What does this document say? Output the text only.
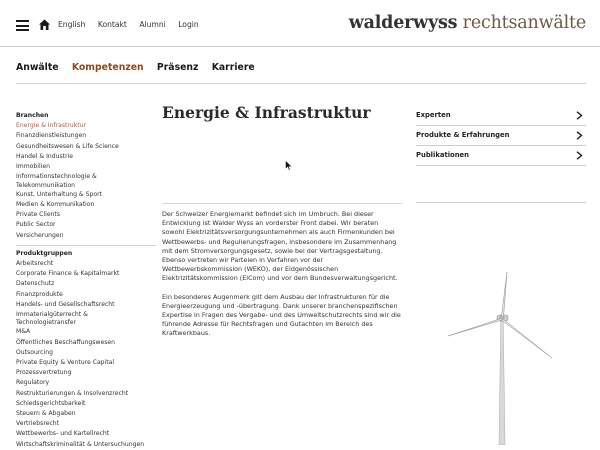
English Kontakt Alumni Login	walderwyss rechtsanwälte
Anwälte Kompetenzen Präsenz Karriere
Branchen
Energie & Infrastruktur
Finanzdienstleistungen
Gesundheitswesen & Life Science
Handel & Industrie
Immobilien
Informationstechnologie &
Telekommunikation
Kunst, Unterhaltung & Sport
Medien & Kommunikation
Private Clients
Public Sector
Versicherungen
Produktgruppen
Arbeitsrecht
Corporate Finance & Kapitalmarkt
Datenschutz
Finanzprodukte
Handels- und Gesellschaftsrecht
Immaterialgüterrecht &
Technologietransfer
M&A
Öffentliches Beschaffungswesen
Outsourcing
Private Equity & Venture Capital
Prozessvertretung
Regulatory
Restrukturierungen & Insolvenzrecht
Schiedsgerichtsbarkeit
Steuern & Abgaben
Vertriebsrecht
Wettbewerbs- und Kartellrecht
Wirtschaftskriminalität & Untersuchungen
Energie & Infrastruktur

Der Schweizer Energiemarkt befindet sich im Umbruch. Bei dieser Entwicklung ist Walder Wyss an vorderster Front dabei. Wir beraten sowohl Elektrizitätsversorgungsunternehmen als auch Firmenkunden bei Wettbewerbs- und Regulierungsfragen, insbesondere im Zusammenhang mit dem Stromversorgungsgesetz, sowie bei der Vertragsgestaltung. Ebenso vertreten wir Parteien in Verfahren vor der Wettbewerbskommission (WEKO), der Eidgenössischen Elektrizitätskommission (ElCom) und vor dem Bundesverwaltungsgericht.

Ein besonderes Augenmerk gilt dem Ausbau der Infrastrukturen für die Energieerzeugung und -übertragung. Dank unserer branchenspezifischen Expertise in Fragen des Vergabe- und des Umweltschutzrechts sind wir die führende Adresse für Rechtsfragen und Gutachten im Bereich des Kraftwerkbaus.

Experten
Produkte & Erfahrungen
Publikationen
